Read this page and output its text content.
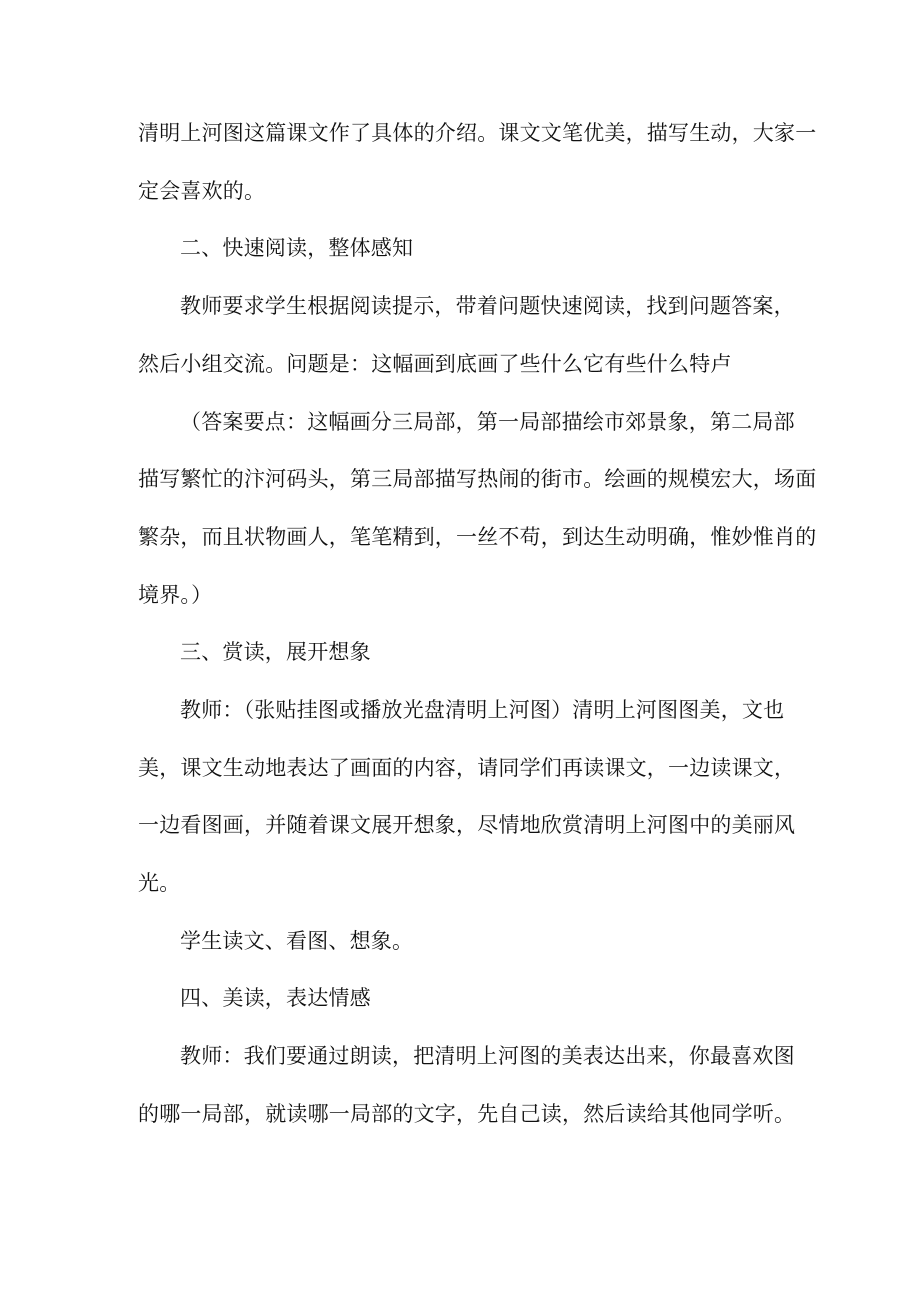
清明上河图这篇课文作了具体的介绍。课文文笔优美，描写生动，大家一
定会喜欢的。
二、快速阅读，整体感知
教师要求学生根据阅读提示，带着问题快速阅读，找到问题答案，
然后小组交流。问题是：这幅画到底画了些什么它有些什么特卢
（答案要点：这幅画分三局部，第一局部描绘市郊景象，第二局部
描写繁忙的汴河码头，第三局部描写热闹的街市。绘画的规模宏大，场面
繁杂，而且状物画人，笔笔精到，一丝不苟，到达生动明确，惟妙惟肖的
境界。）
三、赏读，展开想象
教师：（张贴挂图或播放光盘清明上河图）清明上河图图美，文也
美，课文生动地表达了画面的内容，请同学们再读课文，一边读课文，
一边看图画，并随着课文展开想象，尽情地欣赏清明上河图中的美丽风
光。
学生读文、看图、想象。
四、美读，表达情感
教师：我们要通过朗读，把清明上河图的美表达出来，你最喜欢图
的哪一局部，就读哪一局部的文字，先自己读，然后读给其他同学听。
